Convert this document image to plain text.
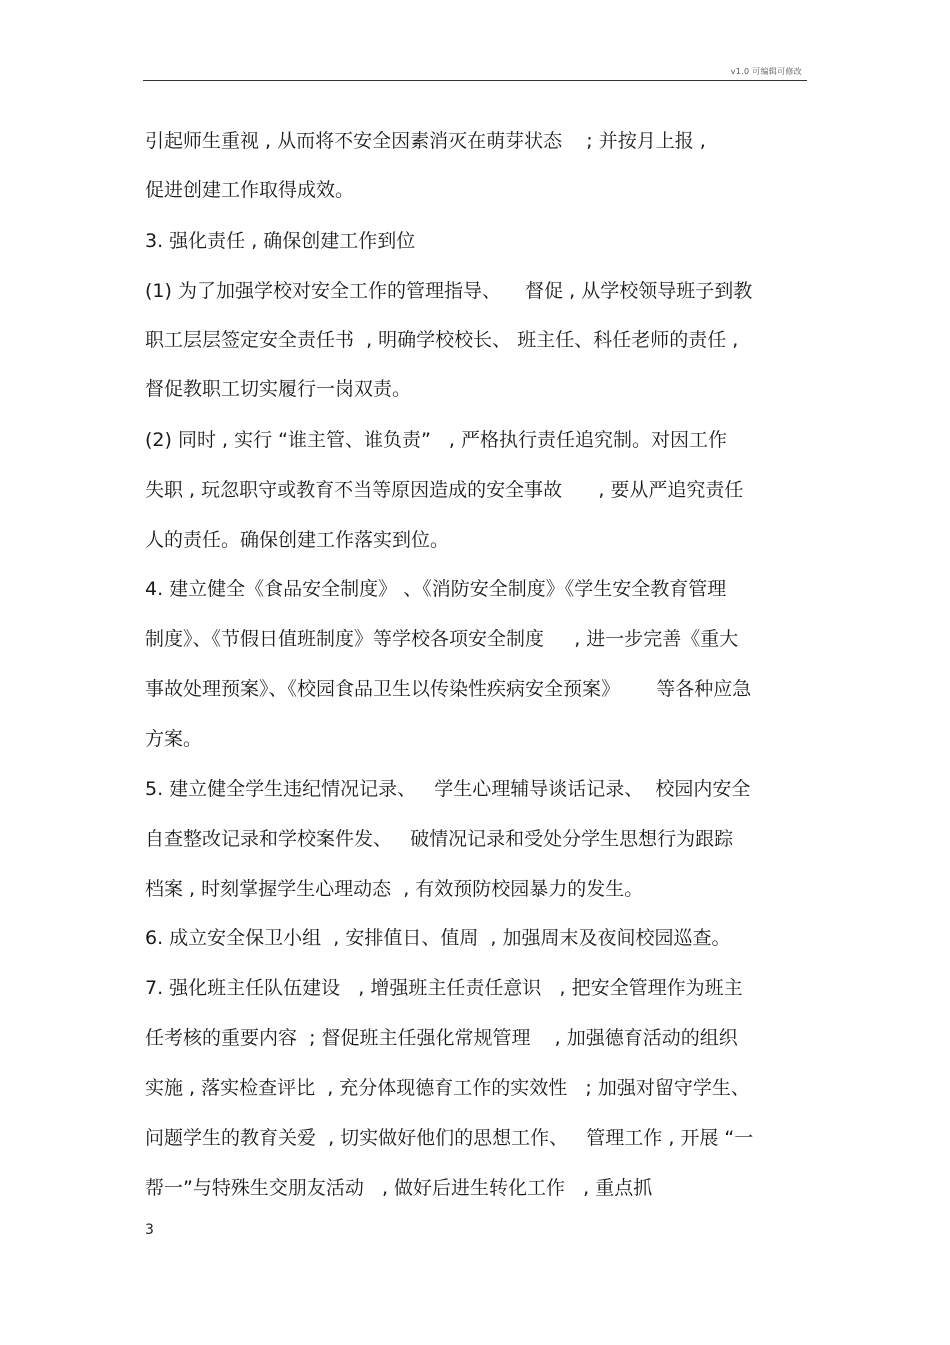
v1.0 可编辑可修改
引起师生重视 , 从而将不安全因素消灭在萌芽状态    ; 并按月上报 ,
促进创建工作取得成效。
3. 强化责任 , 确保创建工作到位
(1) 为了加强学校对安全工作的管理指导、    督促 , 从学校领导班子到教
职工层层签定安全责任书  , 明确学校校长、 班主任、科任老师的责任 ,
督促教职工切实履行一岗双责。
(2) 同时 , 实行 “谁主管、谁负责”   , 严格执行责任追究制。对因工作
失职 , 玩忽职守或教育不当等原因造成的安全事故      , 要从严追究责任
人的责任。确保创建工作落实到位。
4. 建立健全《食品安全制度》 、《消防安全制度》《学生安全教育管理
制度》、《节假日值班制度》等学校各项安全制度     , 进一步完善《重大
事故处理预案》、《校园食品卫生以传染性疾病安全预案》      等各种应急
方案。
5. 建立健全学生违纪情况记录、   学生心理辅导谈话记录、  校园内安全
自查整改记录和学校案件发、   破情况记录和受处分学生思想行为跟踪
档案 , 时刻掌握学生心理动态  , 有效预防校园暴力的发生。
6. 成立安全保卫小组  , 安排值日、值周  , 加强周末及夜间校园巡查。
7. 强化班主任队伍建设   , 增强班主任责任意识   , 把安全管理作为班主
任考核的重要内容  ; 督促班主任强化常规管理    , 加强德育活动的组织
实施 , 落实检查评比  , 充分体现德育工作的实效性   ; 加强对留守学生、
问题学生的教育关爱  , 切实做好他们的思想工作、   管理工作 , 开展 “一
帮一”与特殊生交朋友活动   , 做好后进生转化工作   , 重点抓
3
